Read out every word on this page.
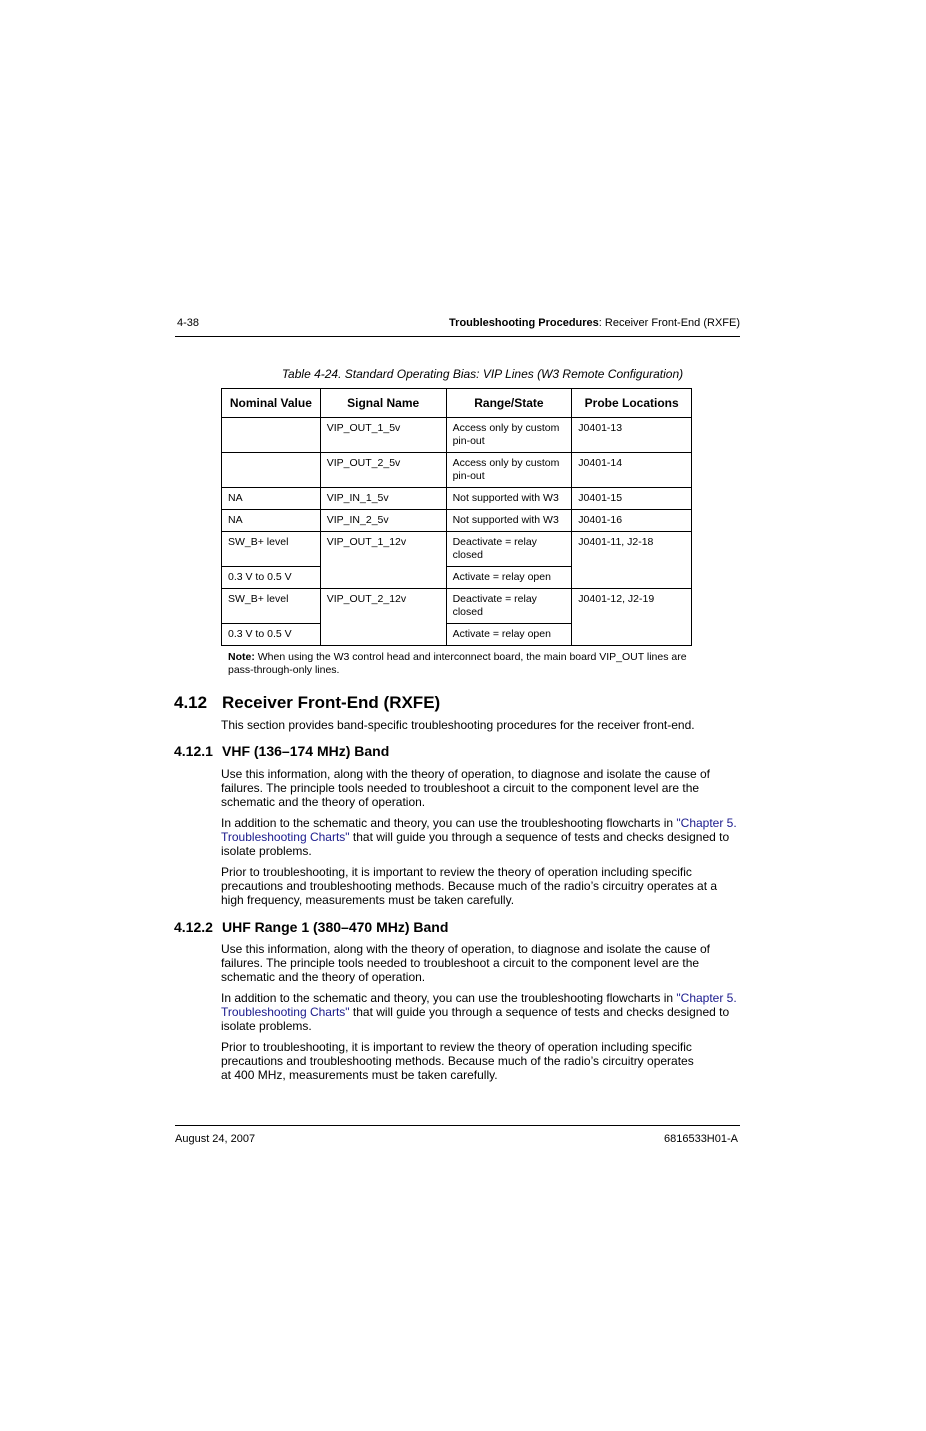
4-38	Troubleshooting Procedures: Receiver Front-End (RXFE)
Table 4-24. Standard Operating Bias: VIP Lines (W3 Remote Configuration)
Nominal Value	Signal Name	Range/State	Probe Locations
	VIP_OUT_1_5v	Access only by custom pin-out	J0401-13
	VIP_OUT_2_5v	Access only by custom pin-out	J0401-14
NA	VIP_IN_1_5v	Not supported with W3	J0401-15
NA	VIP_IN_2_5v	Not supported with W3	J0401-16
SW_B+ level	VIP_OUT_1_12v	Deactivate = relay closed	J0401-11, J2-18
0.3 V to 0.5 V		Activate = relay open	
SW_B+ level	VIP_OUT_2_12v	Deactivate = relay closed	J0401-12, J2-19
0.3 V to 0.5 V		Activate = relay open	
Note: When using the W3 control head and interconnect board, the main board VIP_OUT lines are pass-through-only lines.
4.12 Receiver Front-End (RXFE)
This section provides band-specific troubleshooting procedures for the receiver front-end.
4.12.1 VHF (136–174 MHz) Band
Use this information, along with the theory of operation, to diagnose and isolate the cause of failures. The principle tools needed to troubleshoot a circuit to the component level are the schematic and the theory of operation.
In addition to the schematic and theory, you can use the troubleshooting flowcharts in "Chapter 5. Troubleshooting Charts" that will guide you through a sequence of tests and checks designed to isolate problems.
Prior to troubleshooting, it is important to review the theory of operation including specific precautions and troubleshooting methods. Because much of the radio’s circuitry operates at a high frequency, measurements must be taken carefully.
4.12.2 UHF Range 1 (380–470 MHz) Band
Use this information, along with the theory of operation, to diagnose and isolate the cause of failures. The principle tools needed to troubleshoot a circuit to the component level are the schematic and the theory of operation.
In addition to the schematic and theory, you can use the troubleshooting flowcharts in "Chapter 5. Troubleshooting Charts" that will guide you through a sequence of tests and checks designed to isolate problems.
Prior to troubleshooting, it is important to review the theory of operation including specific precautions and troubleshooting methods. Because much of the radio’s circuitry operates at 400 MHz, measurements must be taken carefully.
August 24, 2007	6816533H01-A
